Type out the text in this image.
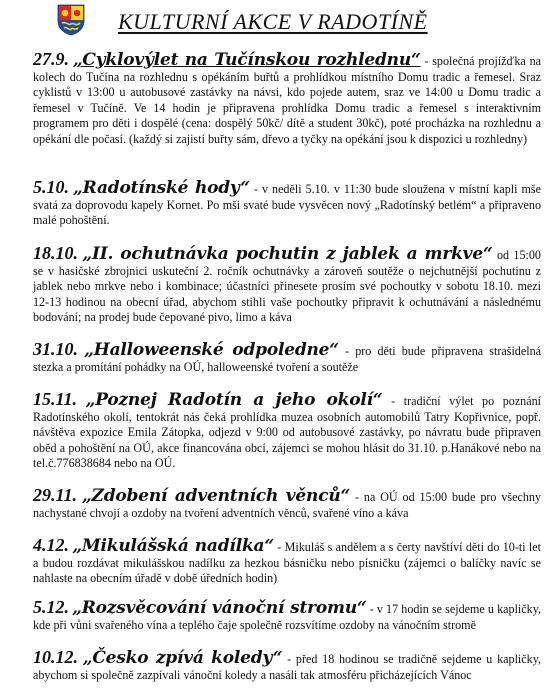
KULTURNÍ AKCE V RADOTÍNĚ
27.9. „Cyklovýlet na Tučínskou rozhlednu“ - společná projížďka na kolech do Tučína na rozhlednu s opékáním buřtů a prohlídkou místního Domu tradic a řemesel. Sraz cyklistů v 13:00 u autobusové zastávky na návsi, kdo pojede autem, sraz ve 14:00 u Domu tradic a řemesel v Tučíně. Ve 14 hodin je připravena prohlídka Domu tradic a řemesel s interaktivním programem pro děti i dospělé (cena: dospělý 50kč/ dítě a student 30kč), poté procházka na rozhlednu a opékání dle počasí. (každý si zajistí buřty sám, dřevo a tyčky na opékání jsou k dispozici u rozhledny)
5.10. „Radotínské hody“ - v neděli 5.10. v 11:30 bude sloužena v místní kapli mše svatá za doprovodu kapely Kornet. Po mši svaté bude vysvěcen nový „Radotínský betlém“ a připraveno malé pohoštění.
18.10. „II. ochutnávka pochutin z jablek a mrkve“ od 15:00 se v hasičské zbrojnici uskuteční 2. ročník ochutnávky a zároveň soutěže o nejchutnější pochutinu z jablek nebo mrkve nebo i kombinace; účastníci přinesete prosím své pochoutky v sobotu 18.10. mezi 12-13 hodinou na obecní úřad, abychom stihli vaše pochoutky připravit k ochutnávání a následnému bodování; na prodej bude čepované pivo, limo a káva
31.10. „Halloweenské odpoledne“ - pro děti bude připravena strašidelná stezka a promítání pohádky na OÚ, halloweenské tvoření a soutěže
15.11. „Poznej Radotín a jeho okolí“ - tradiční výlet po poznání Radotínského okolí, tentokrát nás čeká prohlídka muzea osobních automobilů Tatry Kopřivnice, popř. návštěva expozice Emila Zátopka, odjezd v 9:00 od autobusové zastávky, po návratu bude připraven oběd a pohoštění na OÚ, akce financována obcí, zájemci se mohou hlásit do 31.10. p.Hanákové nebo na tel.č.776838684 nebo na OÚ.
29.11. „Zdobení adventních věnců“ - na OÚ od 15:00 bude pro všechny nachystané chvojí a ozdoby na tvoření adventních věnců, svařené víno a káva
4.12. „Mikulášská nadílka“ - Mikuláš s andělem a s čerty navštíví děti do 10-ti let a budou rozdávat mikulášskou nadílku za hezkou básničku nebo písničku (zájemci o balíčky navíc se nahlaste na obecním úřadě v době úředních hodin)
5.12. „Rozsvěcování vánoční stromu“ - v 17 hodin se sejdeme u kapličky, kde při vůni svařeného vína a teplého čaje společně rozsvítíme ozdoby na vánočním stromě
10.12. „Česko zpívá koledy“ - před 18 hodinou se tradičně sejdeme u kapličky, abychom si společně zazpívali vánoční koledy a nasáli tak atmosféru přicházejících Vánoc
